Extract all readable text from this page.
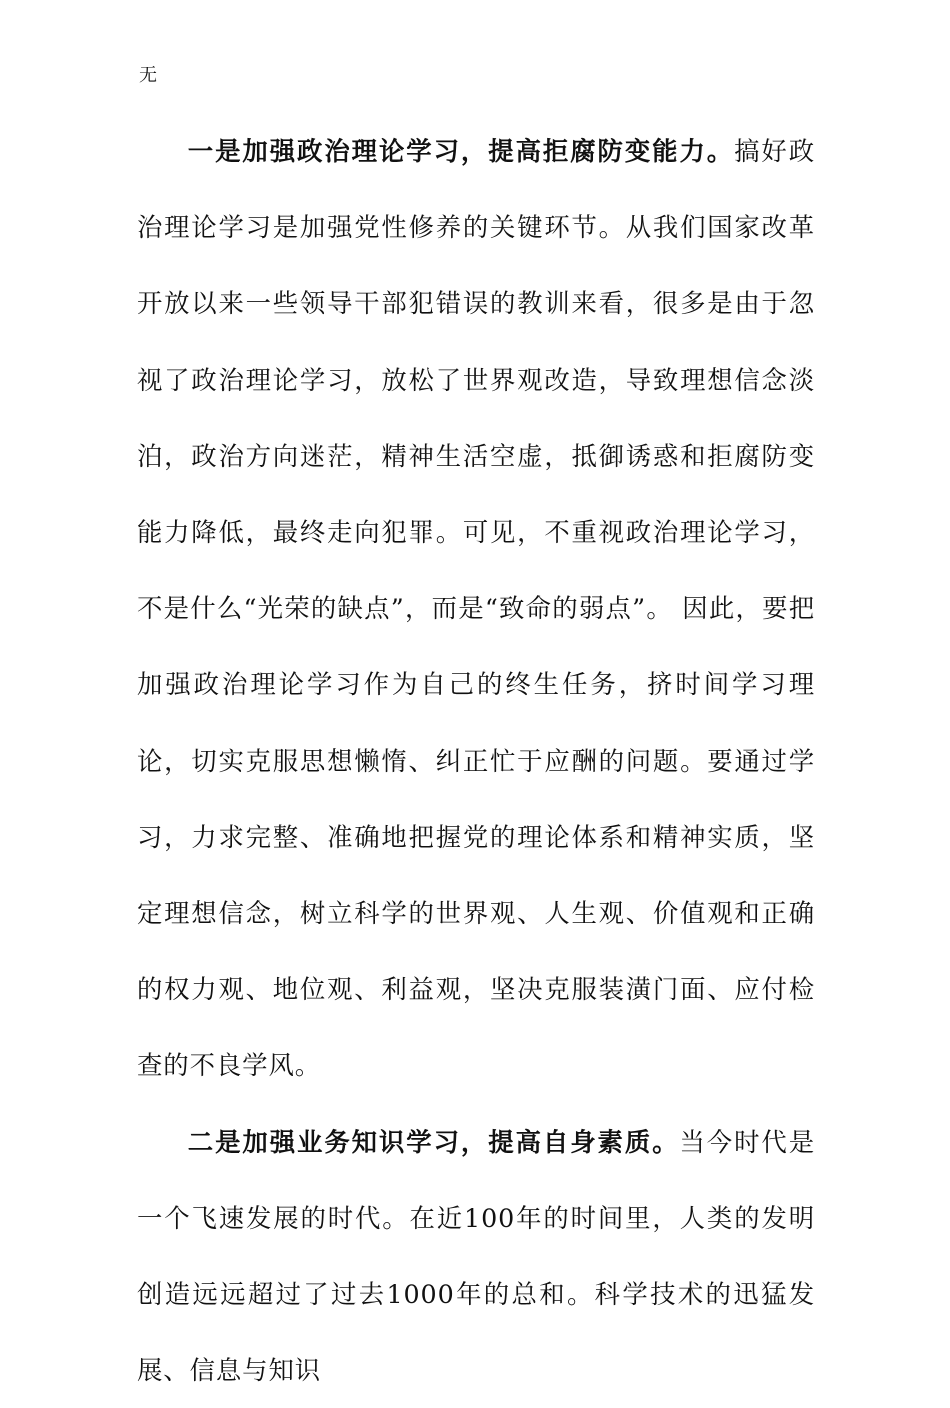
无

一是加强政治理论学习，提高拒腐防变能力。搞好政治理论学习是加强党性修养的关键环节。从我们国家改革开放以来一些领导干部犯错误的教训来看，很多是由于忽视了政治理论学习，放松了世界观改造，导致理想信念淡泊，政治方向迷茫，精神生活空虚，抵御诱惑和拒腐防变能力降低，最终走向犯罪。可见，不重视政治理论学习，不是什么“光荣的缺点”，而是“致命的弱点”。 因此，要把加强政治理论学习作为自己的终生任务，挤时间学习理论，切实克服思想懒惰、纠正忙于应酬的问题。要通过学习，力求完整、准确地把握党的理论体系和精神实质，坚定理想信念，树立科学的世界观、人生观、价值观和正确的权力观、地位观、利益观，坚决克服装潢门面、应付检查的不良学风。

二是加强业务知识学习，提高自身素质。当今时代是一个飞速发展的时代。在近100年的时间里，人类的发明创造远远超过了过去1000年的总和。科学技术的迅猛发展、信息与知识
